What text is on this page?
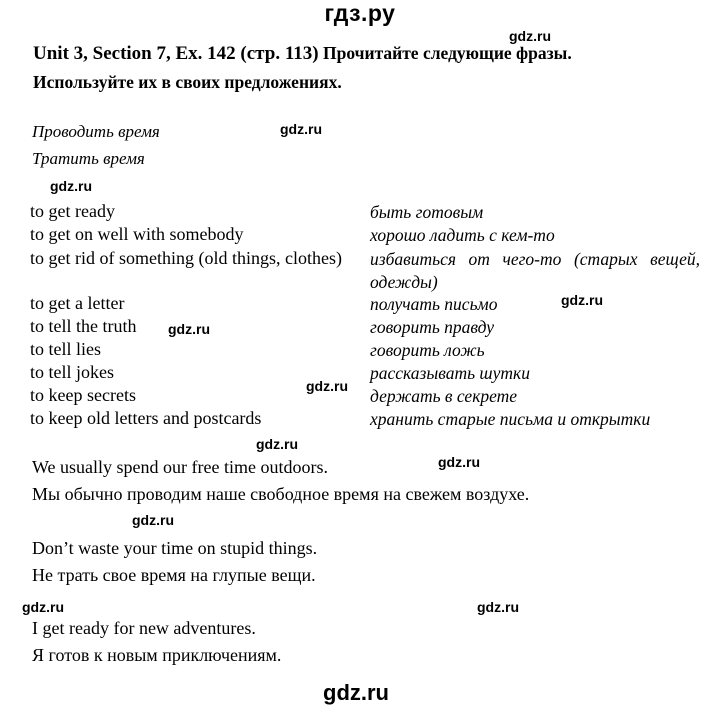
гдз.ру
gdz.ru
gdz.ru
gdz.ru
gdz.ru
gdz.ru
gdz.ru
gdz.ru
gdz.ru
gdz.ru
gdz.ru	gdz.ru
gdz.ru
Unit 3, Section 7, Ex. 142 (стр. 113) Прочитайте следующие фразы.
Используйте их в своих предложениях.
Проводить время
Тратить время
to get ready	быть готовым
to get on well with somebody	хорошо ладить с кем-то
to get rid of something (old things, clothes)	избавиться от чего-то (старых вещей, одежды)
to get a letter	получать письмо
to tell the truth	говорить правду
to tell lies	говорить ложь
to tell jokes	рассказывать шутки
to keep secrets	держать в секрете
to keep old letters and postcards	хранить старые письма и открытки
We usually spend our free time outdoors.
Мы обычно проводим наше свободное время на свежем воздухе.
Don’t waste your time on stupid things.
Не трать свое время на глупые вещи.
I get ready for new adventures.
Я готов к новым приключениям.
